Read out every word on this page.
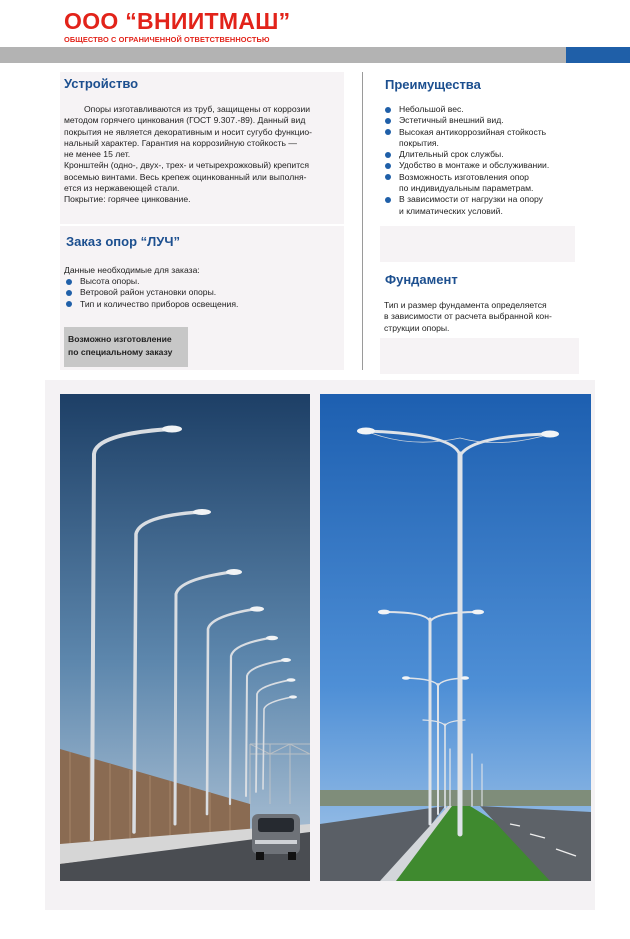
ООО “ВНИИТМАШ”
ОБЩЕСТВО С ОГРАНИЧЕННОЙ ОТВЕТСТВЕННОСТЬЮ
Устройство
Опоры изготавливаются из труб, защищены от коррозии
методом горячего цинкования (ГОСТ 9.307.-89). Данный вид
покрытия не является декоративным и носит сугубо функцио-
нальный характер. Гарантия на коррозийную стойкость —
не менее 15 лет.
Кронштейн (одно-, двух-, трех- и четырехрожковый) крепится
восемью винтами. Весь крепеж оцинкованный или выполня-
ется из нержавеющей стали.
Покрытие: горячее цинкование.
Заказ опор “ЛУЧ”
Данные необходимые для заказа:
Высота опоры.
Ветровой район установки опоры.
Тип и количество приборов освещения.
Возможно изготовление
по специальному заказу
Преимущества
Небольшой вес.
Эстетичный внешний вид.
Высокая антикоррозийная стойкость
покрытия.
Длительный срок службы.
Удобство в монтаже и обслуживании.
Возможность изготовления опор
по индивидуальным параметрам.
В зависимости от нагрузки на опору
и климатических условий.
Фундамент
Тип и размер фундамента определяется
в зависимости от расчета выбранной кон-
струкции опоры.
